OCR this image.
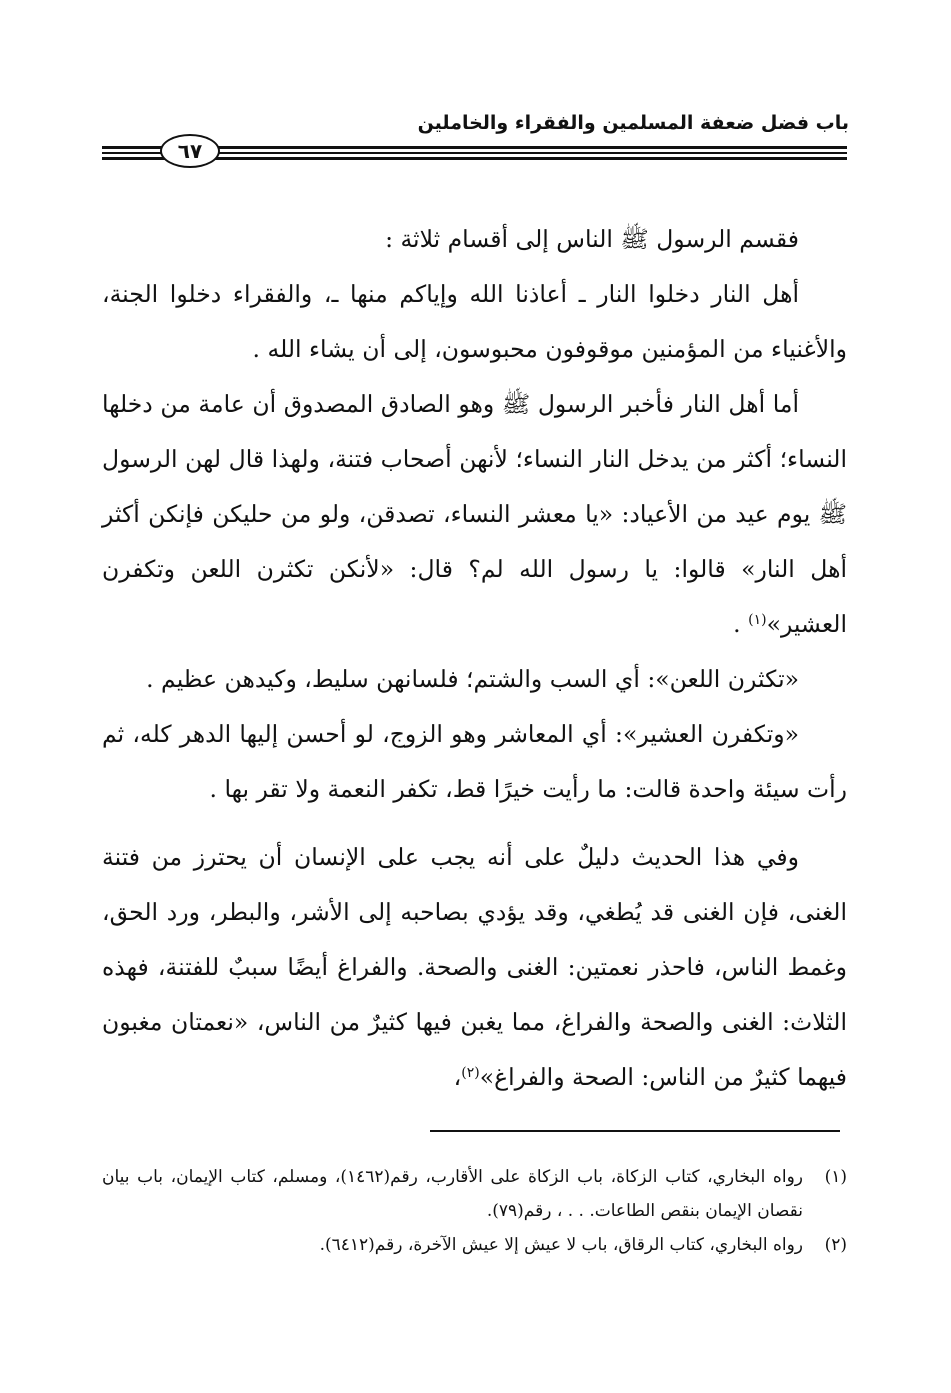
باب فضل ضعفة المسلمين والفقراء والخاملين
٦٧

فقسم الرسول ﷺ الناس إلى أقسام ثلاثة :

أهل النار دخلوا النار ـ أعاذنا الله وإياكم منها ـ، والفقراء دخلوا الجنة، والأغنياء من المؤمنين موقوفون محبوسون، إلى أن يشاء الله .

أما أهل النار فأخبر الرسول ﷺ وهو الصادق المصدوق أن عامة من دخلها النساء؛ أكثر من يدخل النار النساء؛ لأنهن أصحاب فتنة، ولهذا قال لهن الرسول ﷺ يوم عيد من الأعياد: «يا معشر النساء، تصدقن، ولو من حليكن فإنكن أكثر أهل النار» قالوا: يا رسول الله لم؟ قال: «لأنكن تكثرن اللعن وتكفرن العشير»$^{(١)}$ .

«تكثرن اللعن»: أي السب والشتم؛ فلسانهن سليط، وكيدهن عظيم .

«وتكفرن العشير»: أي المعاشر وهو الزوج، لو أحسن إليها الدهر كله، ثم رأت سيئة واحدة قالت: ما رأيت خيرًا قط، تكفر النعمة ولا تقر بها .

وفي هذا الحديث دليلٌ على أنه يجب على الإنسان أن يحترز من فتنة الغنى، فإن الغنى قد يُطغي، وقد يؤدي بصاحبه إلى الأشر، والبطر، ورد الحق، وغمط الناس، فاحذر نعمتين: الغنى والصحة. والفراغ أيضًا سببٌ للفتنة، فهذه الثلاث: الغنى والصحة والفراغ، مما يغبن فيها كثيرٌ من الناس، «نعمتان مغبون فيهما كثيرٌ من الناس: الصحة والفراغ»$^{(٢)}$،

(١)
رواه البخاري، كتاب الزكاة، باب الزكاة على الأقارب، رقم(١٤٦٢)، ومسلم، كتاب الإيمان، باب بيان نقصان الإيمان بنقص الطاعات. . . ، رقم(٧٩).
(٢)
رواه البخاري، كتاب الرقاق، باب لا عيش إلا عيش الآخرة، رقم(٦٤١٢).
